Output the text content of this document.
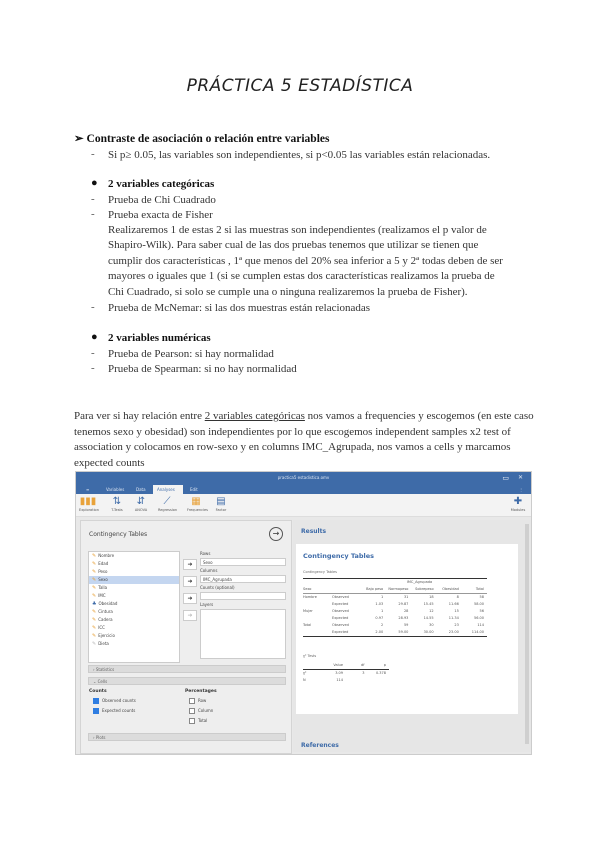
PRÁCTICA 5 ESTADÍSTICA
➢ Contraste de asociación o relación entre variables
- Si p≥ 0.05, las variables son independientes, si p<0.05 las variables están relacionadas.
● 2 variables categóricas
- Prueba de Chi Cuadrado
- Prueba exacta de Fisher
Realizaremos 1 de estas 2 si las muestras son independientes (realizamos el p valor de
Shapiro-Wilk). Para saber cual de las dos pruebas tenemos que utilizar se tienen que
cumplir dos características , 1ª que menos del 20% sea inferior a 5 y 2ª todas deben de ser
mayores o iguales que 1 (si se cumplen estas dos características realizamos la prueba de
Chi Cuadrado, si solo se cumple una o ninguna realizaremos la prueba de Fisher).
- Prueba de McNemar: si las dos muestras están relacionadas
● 2 variables numéricas
- Prueba de Pearson: si hay normalidad
- Prueba de Spearman: si no hay normalidad
Para ver si hay relación entre 2 variables categóricas nos vamos a frequencies y escogemos (en este caso tenemos sexo y obesidad) son independientes por lo que escogemos independent samples x2 test of association y colocamos en row-sexo y en columns IMC_Agrupada, nos vamos a cells y marcamos expected counts
practica5 estadistica.omv	▭ ✕
≡	Variables	Data	Analyses	Edit	⋮
▮▮▮
Exploration
⇅
T-Tests
⇵
ANOVA
⟋
Regression
▦
Frequencies
▤
Factor
✚
Modules
Contingency Tables	→
✎ Nombre
✎ Edad
✎ Peso
✎ Sexo
✎ Talla
✎ IMC
♣ Obesidad
✎ Cintura
✎ Cadera
✎ ICC
✎ Ejercicio
✎ Dieta
➜
Rows
Sexo
➜
Columns
IMC_Agrupada
➜
Counts (optional)
➜
Layers
› Statistics
⌄ Cells
Counts
Observed counts
Expected counts
Percentages
Row
Column
Total
› Plots
Results
Contingency Tables
Contingency Tables
IMC_Agrupada
Sexo	Bajo peso	Normopeso	Sobrepeso	Obesidad	Total
Hombre	Observed	1	31	18	8	58
Expected	1.03	29.87	15.45	11.66	58.00
Mujer	Observed	1	28	12	15	56
Expected	0.97	28.93	14.55	11.34	56.00
Total	Observed	2	59	30	23	114
Expected	2.00	59.00	30.00	23.00	114.00
χ² Tests
Value	df	p
χ²	3.09	3	0.378
N	114
References
